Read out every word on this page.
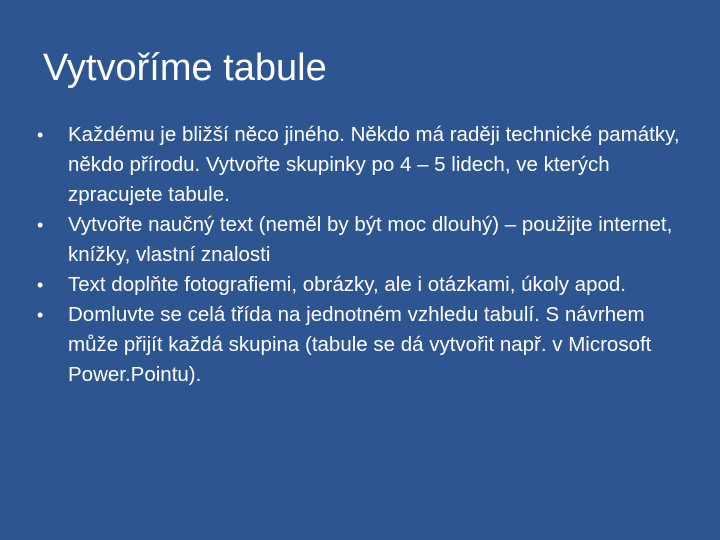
Vytvoříme tabule
•	Každému je bližší něco jiného. Někdo má raději technické památky, někdo přírodu. Vytvořte skupinky po 4 – 5 lidech, ve kterých zpracujete tabule.
•	Vytvořte naučný text (neměl by být moc dlouhý) – použijte internet, knížky, vlastní znalosti
•	Text doplňte fotografiemi, obrázky, ale i otázkami, úkoly apod.
•	Domluvte se celá třída na jednotném vzhledu tabulí. S návrhem může přijít každá skupina (tabule se dá vytvořit např. v Microsoft Power.Pointu).
